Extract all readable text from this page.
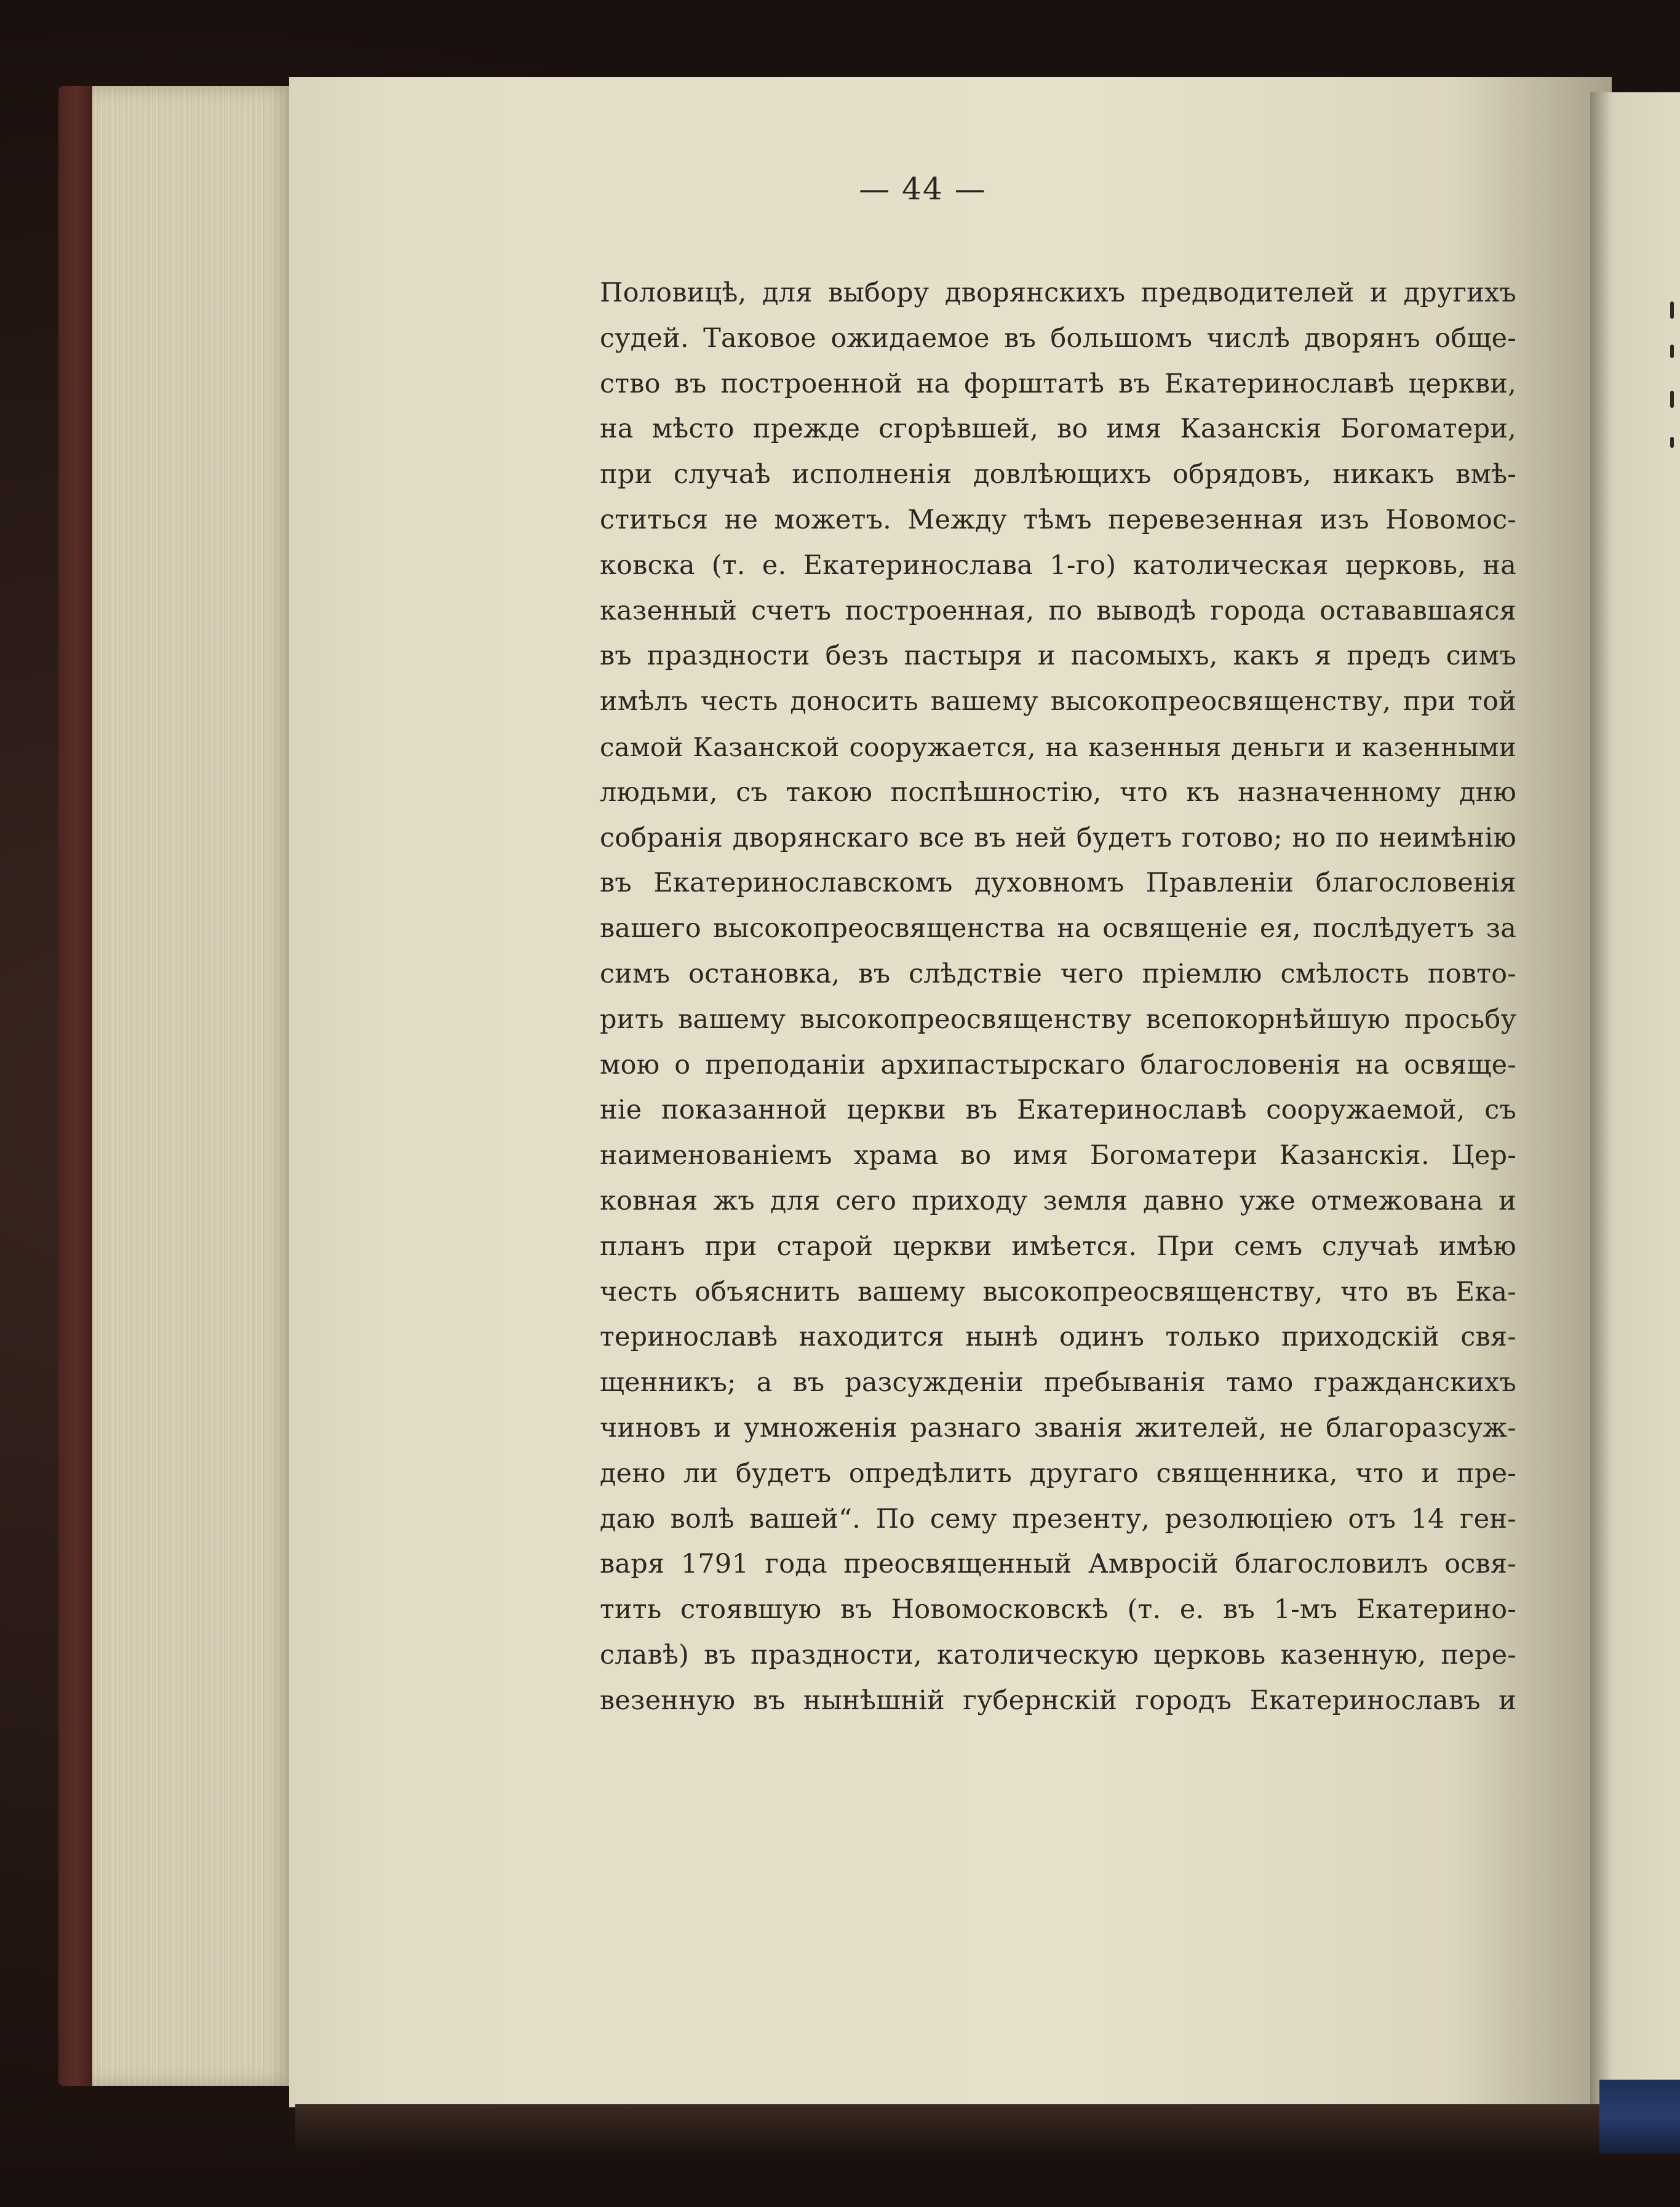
— 44 —
Половицѣ, для выбору дворянскихъ предводителей и другихъ
судей. Таковое ожидаемое въ большомъ числѣ дворянъ обще-
ство въ построенной на форштатѣ въ Екатеринославѣ церкви,
на мѣсто прежде сгорѣвшей, во имя Казанскія Богоматери,
при случаѣ исполненія довлѣющихъ обрядовъ, никакъ вмѣ-
ститься не можетъ. Между тѣмъ перевезенная изъ Новомос-
ковска (т. е. Екатеринослава 1-го) католическая церковь, на
казенный счетъ построенная, по выводѣ города остававшаяся
въ праздности безъ пастыря и пасомыхъ, какъ я предъ симъ
имѣлъ честь доносить вашему высокопреосвященству, при той
самой Казанской сооружается, на казенныя деньги и казенными
людьми, съ такою поспѣшностію, что къ назначенному дню
собранія дворянскаго все въ ней будетъ готово; но по неимѣнію
въ Екатеринославскомъ духовномъ Правленіи благословенія
вашего высокопреосвященства на освященіе ея, послѣдуетъ за
симъ остановка, въ слѣдствіе чего пріемлю смѣлость повто-
рить вашему высокопреосвященству всепокорнѣйшую просьбу
мою о преподаніи архипастырскаго благословенія на освяще-
ніе показанной церкви въ Екатеринославѣ сооружаемой, съ
наименованіемъ храма во имя Богоматери Казанскія. Цер-
ковная жъ для сего приходу земля давно уже отмежована и
планъ при старой церкви имѣется. При семъ случаѣ имѣю
честь объяснить вашему высокопреосвященству, что въ Ека-
теринославѣ находится нынѣ одинъ только приходскій свя-
щенникъ; а въ разсужденіи пребыванія тамо гражданскихъ
чиновъ и умноженія разнаго званія жителей, не благоразсуж-
дено ли будетъ опредѣлить другаго священника, что и пре-
даю волѣ вашей“. По сему презенту, резолюціею отъ 14 ген-
варя 1791 года преосвященный Амвросій благословилъ освя-
тить стоявшую въ Новомосковскѣ (т. е. въ 1-мъ Екатерино-
славѣ) въ праздности, католическую церковь казенную, пере-
везенную въ нынѣшній губернскій городъ Екатеринославъ и
